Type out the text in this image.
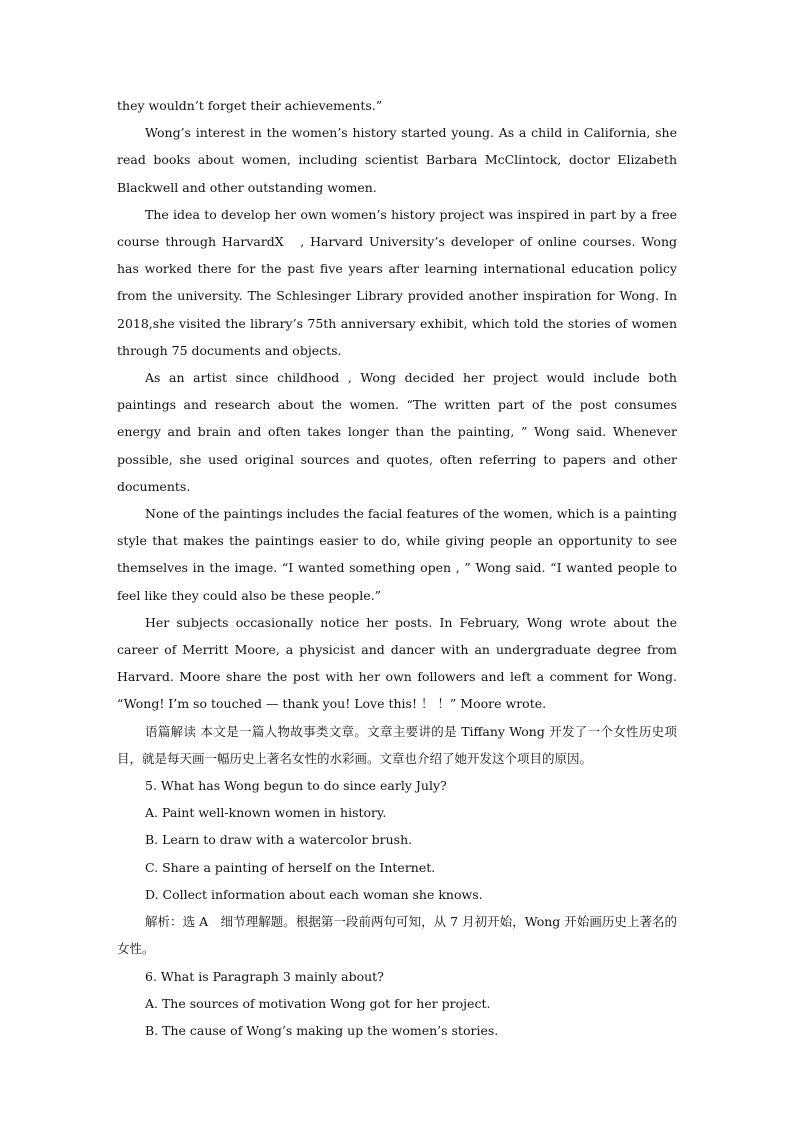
they wouldn’t forget their achievements.”

Wong’s interest in the women’s history started young. As a child in California, she read books about women, including scientist Barbara McClintock, doctor Elizabeth Blackwell and other outstanding women.

The idea to develop her own women’s history project was inspired in part by a free course through HarvardX　, Harvard University’s developer of online courses. Wong has worked there for the past five years after learning international education policy from the university. The Schlesinger Library provided another inspiration for Wong. In 2018,she visited the library’s 75th anniversary exhibit, which told the stories of women through 75 documents and objects.

As an artist since childhood , Wong decided her project would include both paintings and research about the women. “The written part of the post consumes energy and brain and often takes longer than the painting, ” Wong said. Whenever possible, she used original sources and quotes, often referring to papers and other documents.

None of the paintings includes the facial features of the women, which is a painting style that makes the paintings easier to do, while giving people an opportunity to see themselves in the image. “I wanted something open , ” Wong said. “I wanted people to feel like they could also be these people.”

Her subjects occasionally notice her posts. In February, Wong wrote about the career of Merritt Moore, a physicist and dancer with an undergraduate degree from Harvard. Moore share the post with her own followers and left a comment for Wong. “Wong! I’m so touched — thank you! Love this! ！ ！” Moore wrote.

语篇解读 本文是一篇人物故事类文章。文章主要讲的是 Tiffany Wong 开发了一个女性历史项目，就是每天画一幅历史上著名女性的水彩画。文章也介绍了她开发这个项目的原因。

5. What has Wong begun to do since early July?

A. Paint well-known women in history.

B. Learn to draw with a watercolor brush.

C. Share a painting of herself on the Internet.

D. Collect information about each woman she knows.

解析：选 A　细节理解题。根据第一段前两句可知，从 7 月初开始，Wong 开始画历史上著名的女性。

6. What is Paragraph 3 mainly about?

A. The sources of motivation Wong got for her project.

B. The cause of Wong’s making up the women’s stories.
